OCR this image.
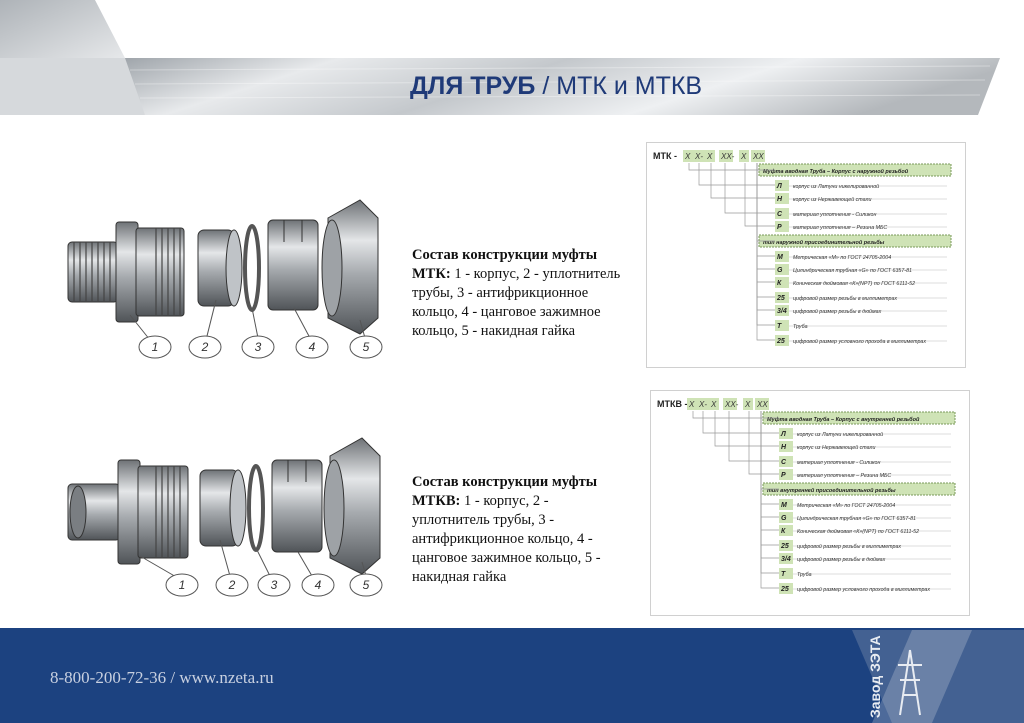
ДЛЯ ТРУБ / МТК и МТКВ
1	2	3	4	5
Состав конструкции муфты МТК: 1 - корпус, 2 - уплотнитель трубы, 3 - антифрикционное кольцо, 4 - цанговое зажимное кольцо, 5 - накидная гайка
1	2	3	4	5
Состав конструкции муфты МТКВ: 1 - корпус, 2 - уплотнитель трубы, 3 - антифрикционное кольцо, 4 - цанговое зажимное кольцо, 5 - накидная гайка
МТК - Х Х- Х ХХ- Х ХХ
Муфта вводная Труба – Корпус с наружной резьбой
Л корпус из Латуни никелированной
Н корпус из Нержавеющей стали
С материал уплотнения - Силикон
Р материал уплотнения – Резина МБС
тип наружной присоединительной резьбы
М Метрическая «М» по ГОСТ 24705-2004
G Цилиндрическая трубная «G» по ГОСТ 6357-81
К Коническая дюймовая «К»(NPT) по ГОСТ 6111-52
25 цифровой размер резьбы в миллиметрах
3/4 цифровой размер резьбы в дюймах
Т Труба
25 цифровой размер условного прохода в миллиметрах
МТКВ - Х Х- Х ХХ- Х ХХ
Муфта вводная Труба – Корпус с внутренней резьбой
Л корпус из Латуни никелированной
Н корпус из Нержавеющей стали
С материал уплотнения - Силикон
Р материал уплотнения – Резина МБС
тип внутренней присоединительной резьбы
М Метрическая «М» по ГОСТ 24705-2004
G Цилиндрическая трубная «G» по ГОСТ 6357-81
К Коническая дюймовая «К»(NPT) по ГОСТ 6111-52
25 цифровой размер резьбы в миллиметрах
3/4 цифровой размер резьбы в дюймах
Т Труба
25 цифровой размер условного прохода в миллиметрах
8-800-200-72-36 / www.nzeta.ru	Завод ЗЭТА
